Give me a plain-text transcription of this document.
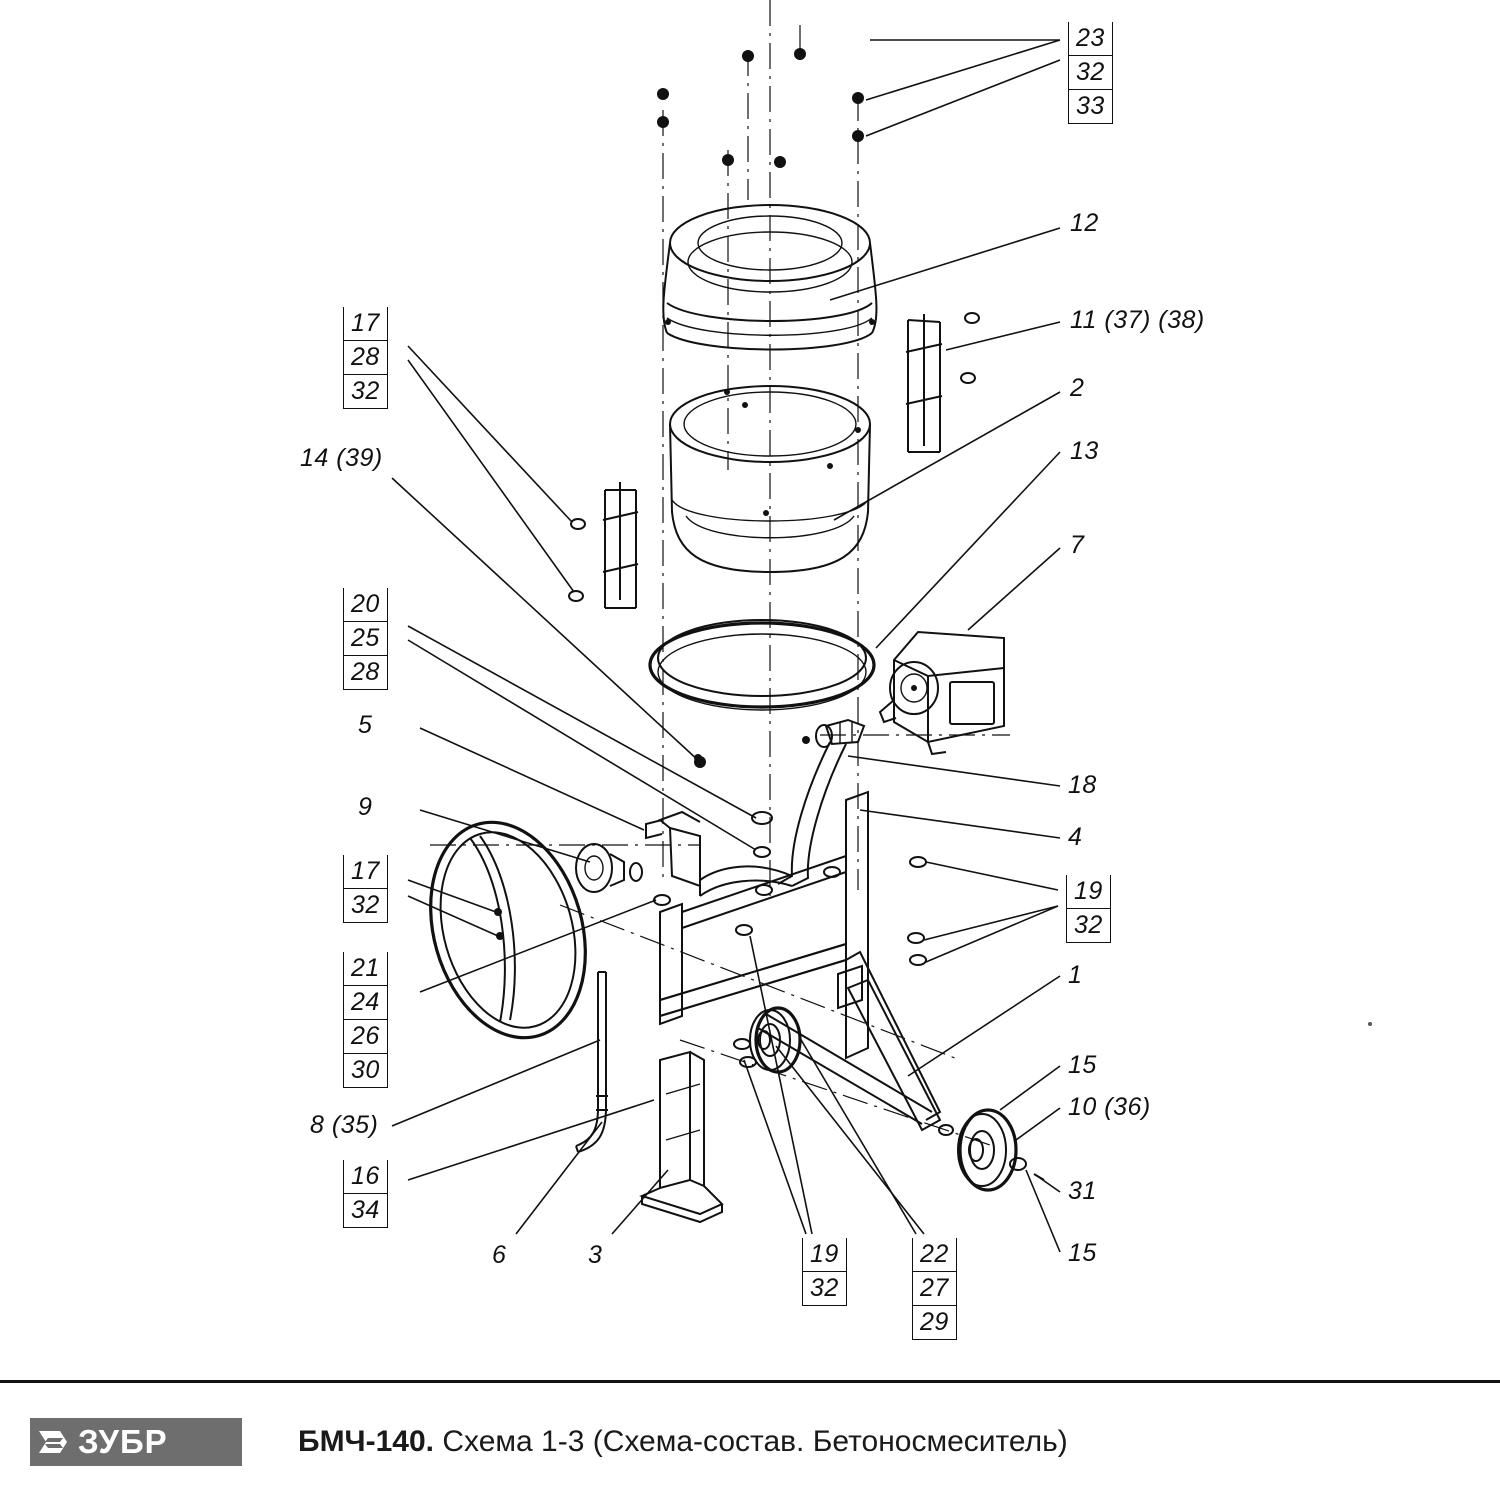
23
32
33
12
11 (37) (38)
2
13
7
18
4
19
32
1
15
10 (36)
31
15
17
28
32
14 (39)
20
25
28
5
9
17
32
21
24
26
30
8 (35)
16
34
6	3	19
32
22
27
29
ЗУБР	БМЧ-140. Схема 1-3 (Схема-состав. Бетоносмеситель)
